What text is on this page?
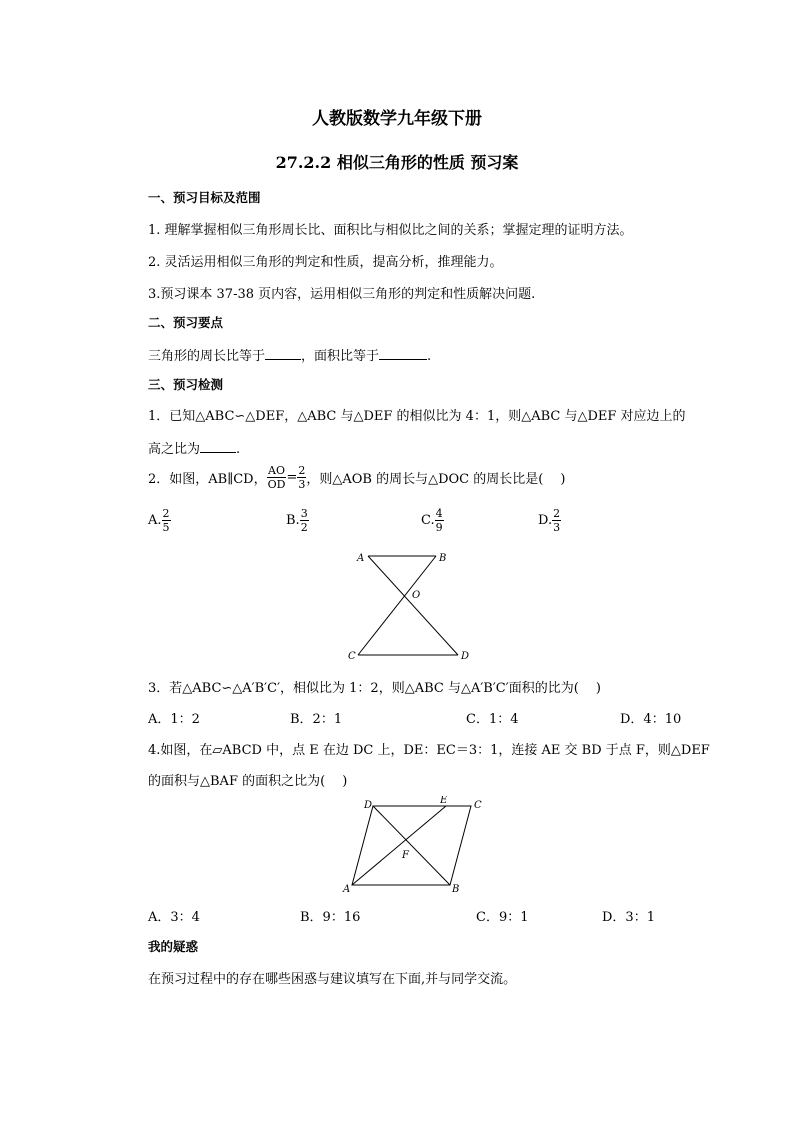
人教版数学九年级下册
27.2.2 相似三角形的性质 预习案
一、预习目标及范围
1. 理解掌握相似三角形周长比、面积比与相似比之间的关系；掌握定理的证明方法。
2. 灵活运用相似三角形的判定和性质，提高分析，推理能力。
3.预习课本 37-38 页内容，运用相似三角形的判定和性质解决问题.
二、预习要点
三角形的周长比等于	，面积比等于	.
三、预习检测
1．已知△ABC∽△DEF，△ABC 与△DEF 的相似比为 4：1，则△ABC 与△DEF 对应边上的
高之比为	.
2．如图，AB∥CD， $\frac{AO}{OD} = \frac{2}{3}$ ，则△AOB 的周长与△DOC 的周长比是(　 )
A. $\frac{2}{5}$	B. $\frac{3}{2}$	C. $\frac{4}{9}$	D. $\frac{2}{3}$
A	B
O
C	D
3．若△ABC∽△A′B′C′，相似比为 1：2，则△ABC 与△A′B′C′面积的比为(　 )
A．1：2	B．2：1	C．1：4	D．4：10
4.如图，在▱ABCD 中，点 E 在边 DC 上，DE：EC＝3：1，连接 AE 交 BD 于点 F，则△DEF
的面积与△BAF 的面积之比为(　 )
D	E	C
F
A	B
A．3：4	B．9：16	C．9：1	D．3：1
我的疑惑
在预习过程中的存在哪些困惑与建议填写在下面,并与同学交流。
